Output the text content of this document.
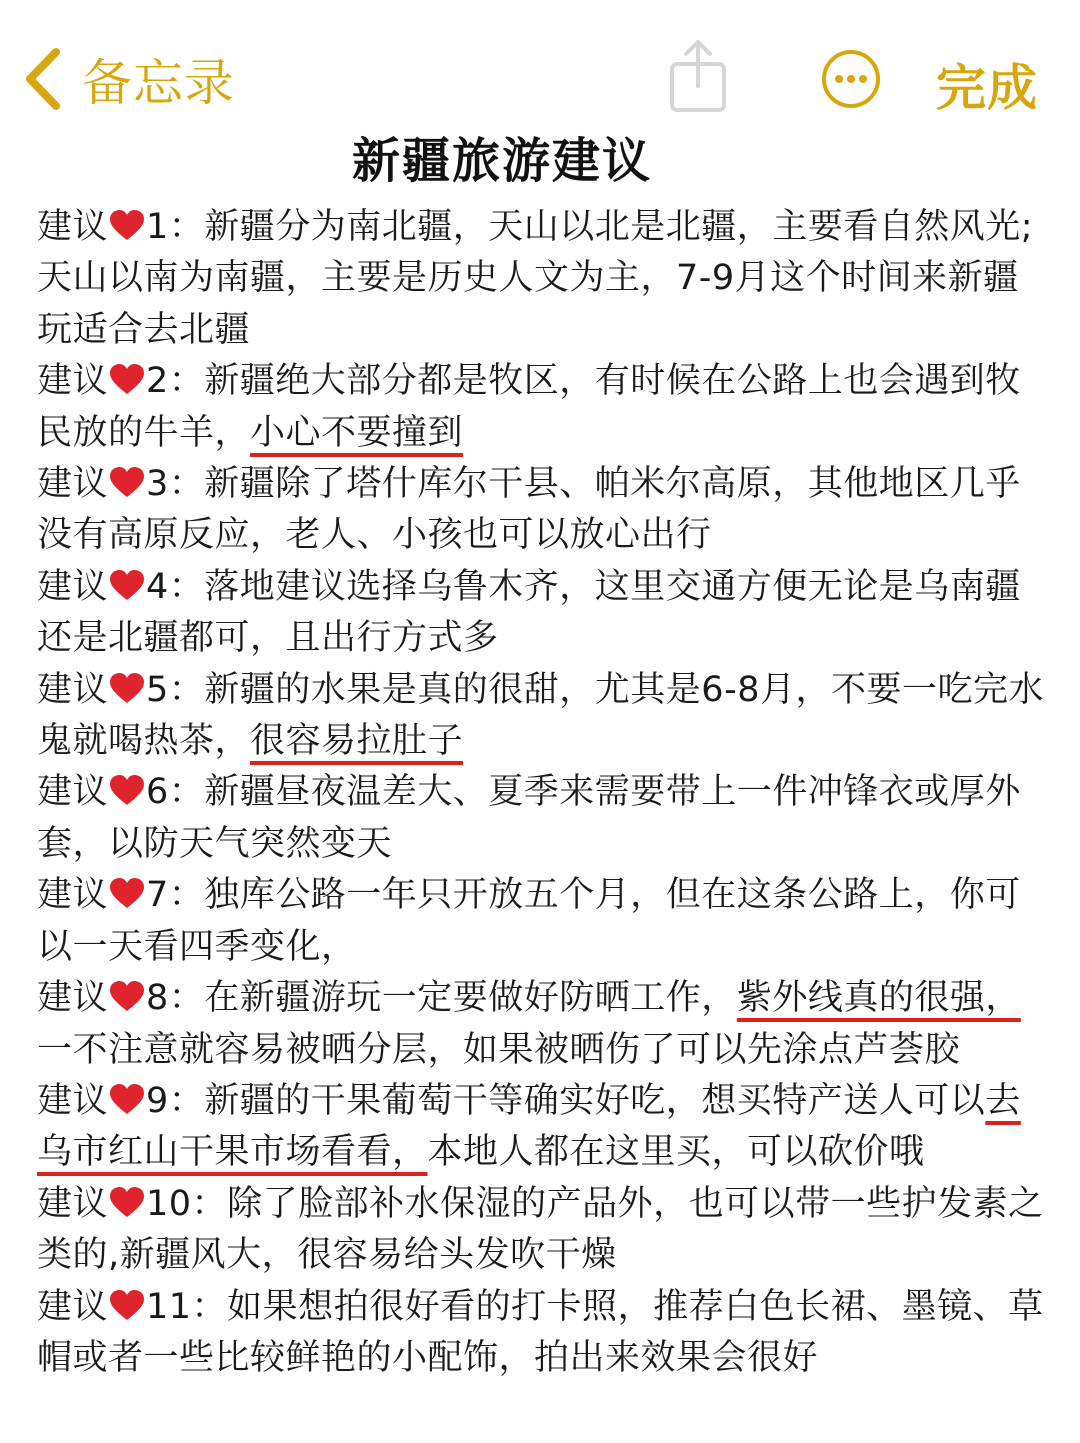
备忘录	完成
新疆旅游建议

建议 1：新疆分为南北疆，天山以北是北疆，主要看自然风光;天山以南为南疆，主要是历史人文为主，7-9月这个时间来新疆玩适合去北疆

建议 2：新疆绝大部分都是牧区，有时候在公路上也会遇到牧民放的牛羊，小心不要撞到

建议 3：新疆除了塔什库尔干县、帕米尔高原，其他地区几乎没有高原反应，老人、小孩也可以放心出行

建议 4：落地建议选择乌鲁木齐，这里交通方便无论是乌南疆还是北疆都可，且出行方式多

建议 5：新疆的水果是真的很甜，尤其是6-8月，不要一吃完水鬼就喝热茶，很容易拉肚子

建议 6：新疆昼夜温差大、夏季来需要带上一件冲锋衣或厚外套，以防天气突然变天

建议 7：独库公路一年只开放五个月，但在这条公路上，你可以一天看四季变化，

建议 8：在新疆游玩一定要做好防晒工作，紫外线真的很强，一不注意就容易被晒分层，如果被晒伤了可以先涂点芦荟胶

建议 9：新疆的干果葡萄干等确实好吃，想买特产送人可以去乌市红山干果市场看看，本地人都在这里买，可以砍价哦

建议 10：除了脸部补水保湿的产品外，也可以带一些护发素之类的,新疆风大，很容易给头发吹干燥

建议 11：如果想拍很好看的打卡照，推荐白色长裙、墨镜、草帽或者一些比较鲜艳的小配饰，拍出来效果会很好
